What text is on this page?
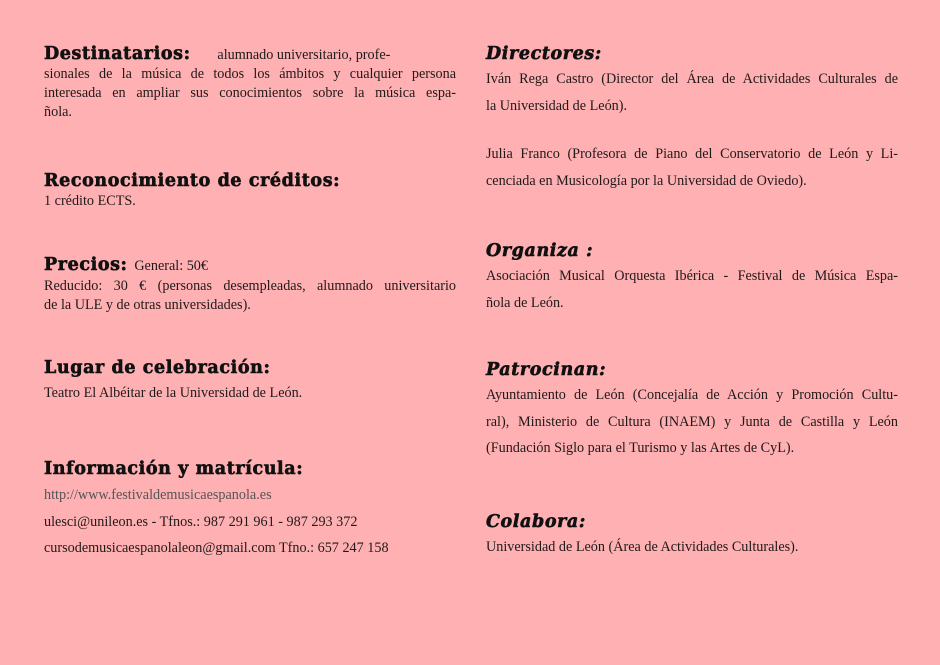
Destinatarios: alumnado universitario, profe-
sionales de la música de todos los ámbitos y cualquier persona
interesada en ampliar sus conocimientos sobre la música espa-
ñola.
Reconocimiento de créditos:
1 crédito ECTS.
Precios: General: 50€
Reducido: 30 € (personas desempleadas, alumnado universitario
de la ULE y de otras universidades).
Lugar de celebración:
Teatro El Albéitar de la Universidad de León.
Información y matrícula:
http://www.festivaldemusicaespanola.es
ulesci@unileon.es - Tfnos.: 987 291 961 - 987 293 372
cursodemusicaespanolaleon@gmail.com Tfno.: 657 247 158
Directores:
Iván Rega Castro (Director del Área de Actividades Culturales de
la Universidad de León).
Julia Franco (Profesora de Piano del Conservatorio de León y Li-
cenciada en Musicología por la Universidad de Oviedo).
Organiza :
Asociación Musical Orquesta Ibérica - Festival de Música Espa-
ñola de León.
Patrocinan:
Ayuntamiento de León (Concejalía de Acción y Promoción Cultu-
ral), Ministerio de Cultura (INAEM) y Junta de Castilla y León
(Fundación Siglo para el Turismo y las Artes de CyL).
Colabora:
Universidad de León (Área de Actividades Culturales).
